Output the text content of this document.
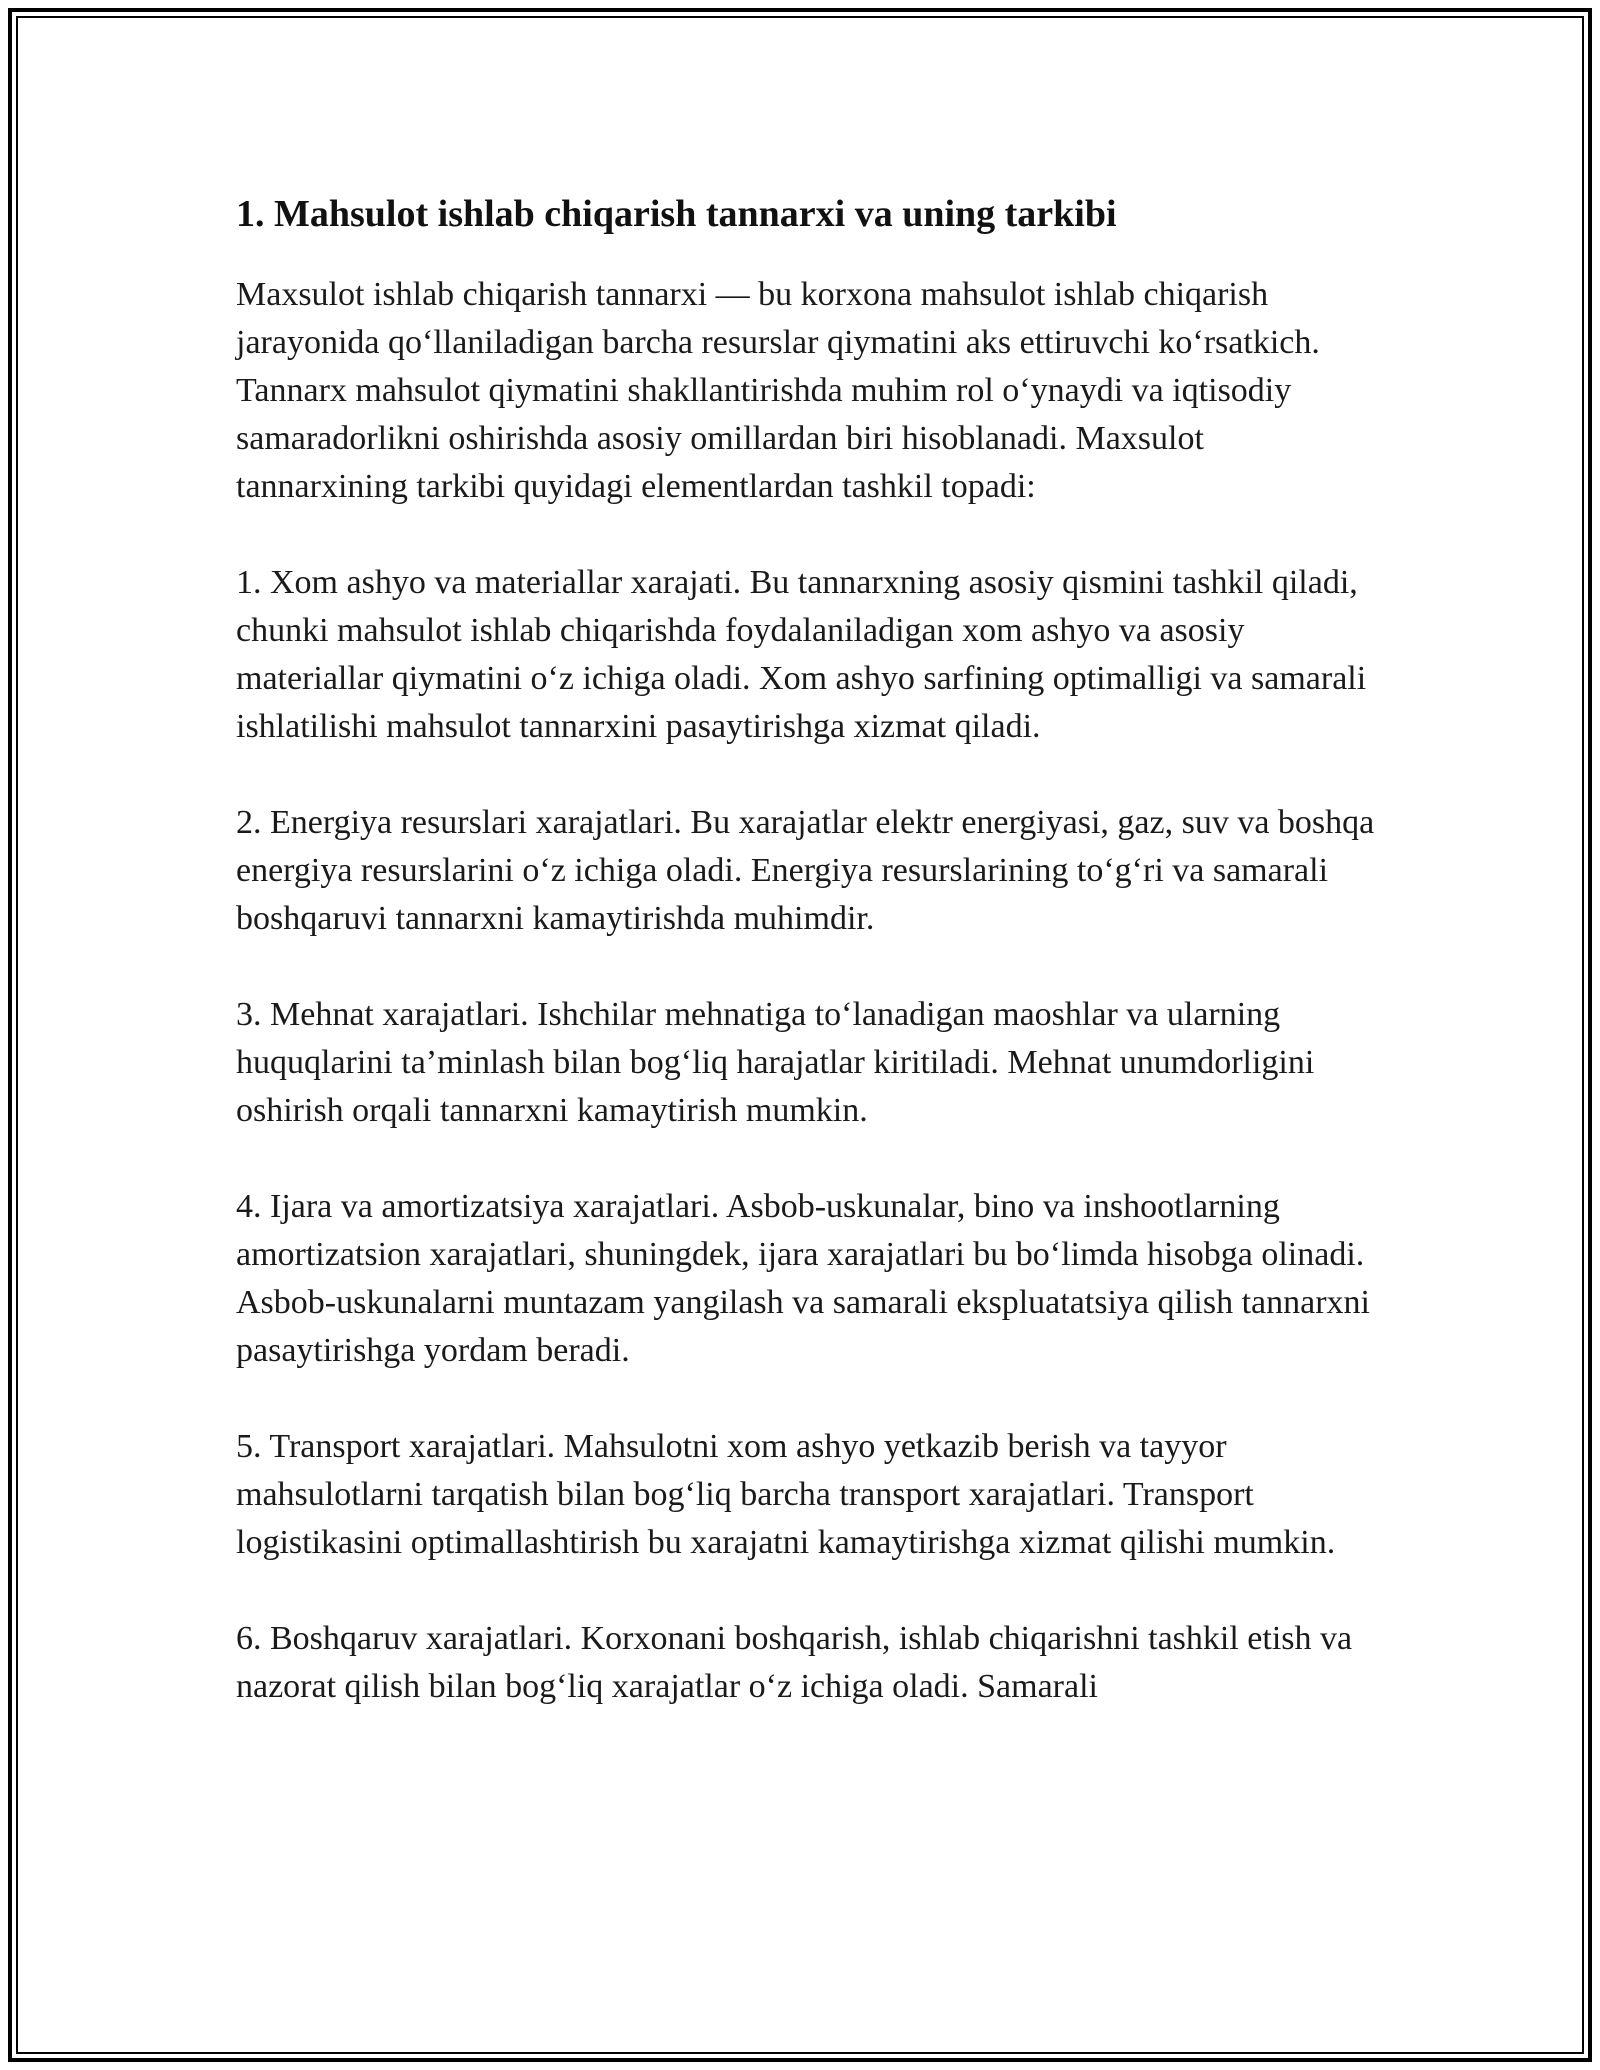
1. Mahsulot ishlab chiqarish tannarxi va uning tarkibi

Maxsulot ishlab chiqarish tannarxi — bu korxona mahsulot ishlab chiqarish jarayonida qo‘llaniladigan barcha resurslar qiymatini aks ettiruvchi ko‘rsatkich. Tannarx mahsulot qiymatini shakllantirishda muhim rol o‘ynaydi va iqtisodiy samaradorlikni oshirishda asosiy omillardan biri hisoblanadi. Maxsulot tannarxining tarkibi quyidagi elementlardan tashkil topadi:

1. Xom ashyo va materiallar xarajati. Bu tannarxning asosiy qismini tashkil qiladi, chunki mahsulot ishlab chiqarishda foydalaniladigan xom ashyo va asosiy materiallar qiymatini o‘z ichiga oladi. Xom ashyo sarfining optimalligi va samarali ishlatilishi mahsulot tannarxini pasaytirishga xizmat qiladi.

2. Energiya resurslari xarajatlari. Bu xarajatlar elektr energiyasi, gaz, suv va boshqa energiya resurslarini o‘z ichiga oladi. Energiya resurslarining to‘g‘ri va samarali boshqaruvi tannarxni kamaytirishda muhimdir.

3. Mehnat xarajatlari. Ishchilar mehnatiga to‘lanadigan maoshlar va ularning huquqlarini ta’minlash bilan bog‘liq harajatlar kiritiladi. Mehnat unumdorligini oshirish orqali tannarxni kamaytirish mumkin.

4. Ijara va amortizatsiya xarajatlari. Asbob-uskunalar, bino va inshootlarning amortizatsion xarajatlari, shuningdek, ijara xarajatlari bu bo‘limda hisobga olinadi. Asbob-uskunalarni muntazam yangilash va samarali ekspluatatsiya qilish tannarxni pasaytirishga yordam beradi.

5. Transport xarajatlari. Mahsulotni xom ashyo yetkazib berish va tayyor mahsulotlarni tarqatish bilan bog‘liq barcha transport xarajatlari. Transport logistikasini optimallashtirish bu xarajatni kamaytirishga xizmat qilishi mumkin.

6. Boshqaruv xarajatlari. Korxonani boshqarish, ishlab chiqarishni tashkil etish va nazorat qilish bilan bog‘liq xarajatlar o‘z ichiga oladi. Samarali
